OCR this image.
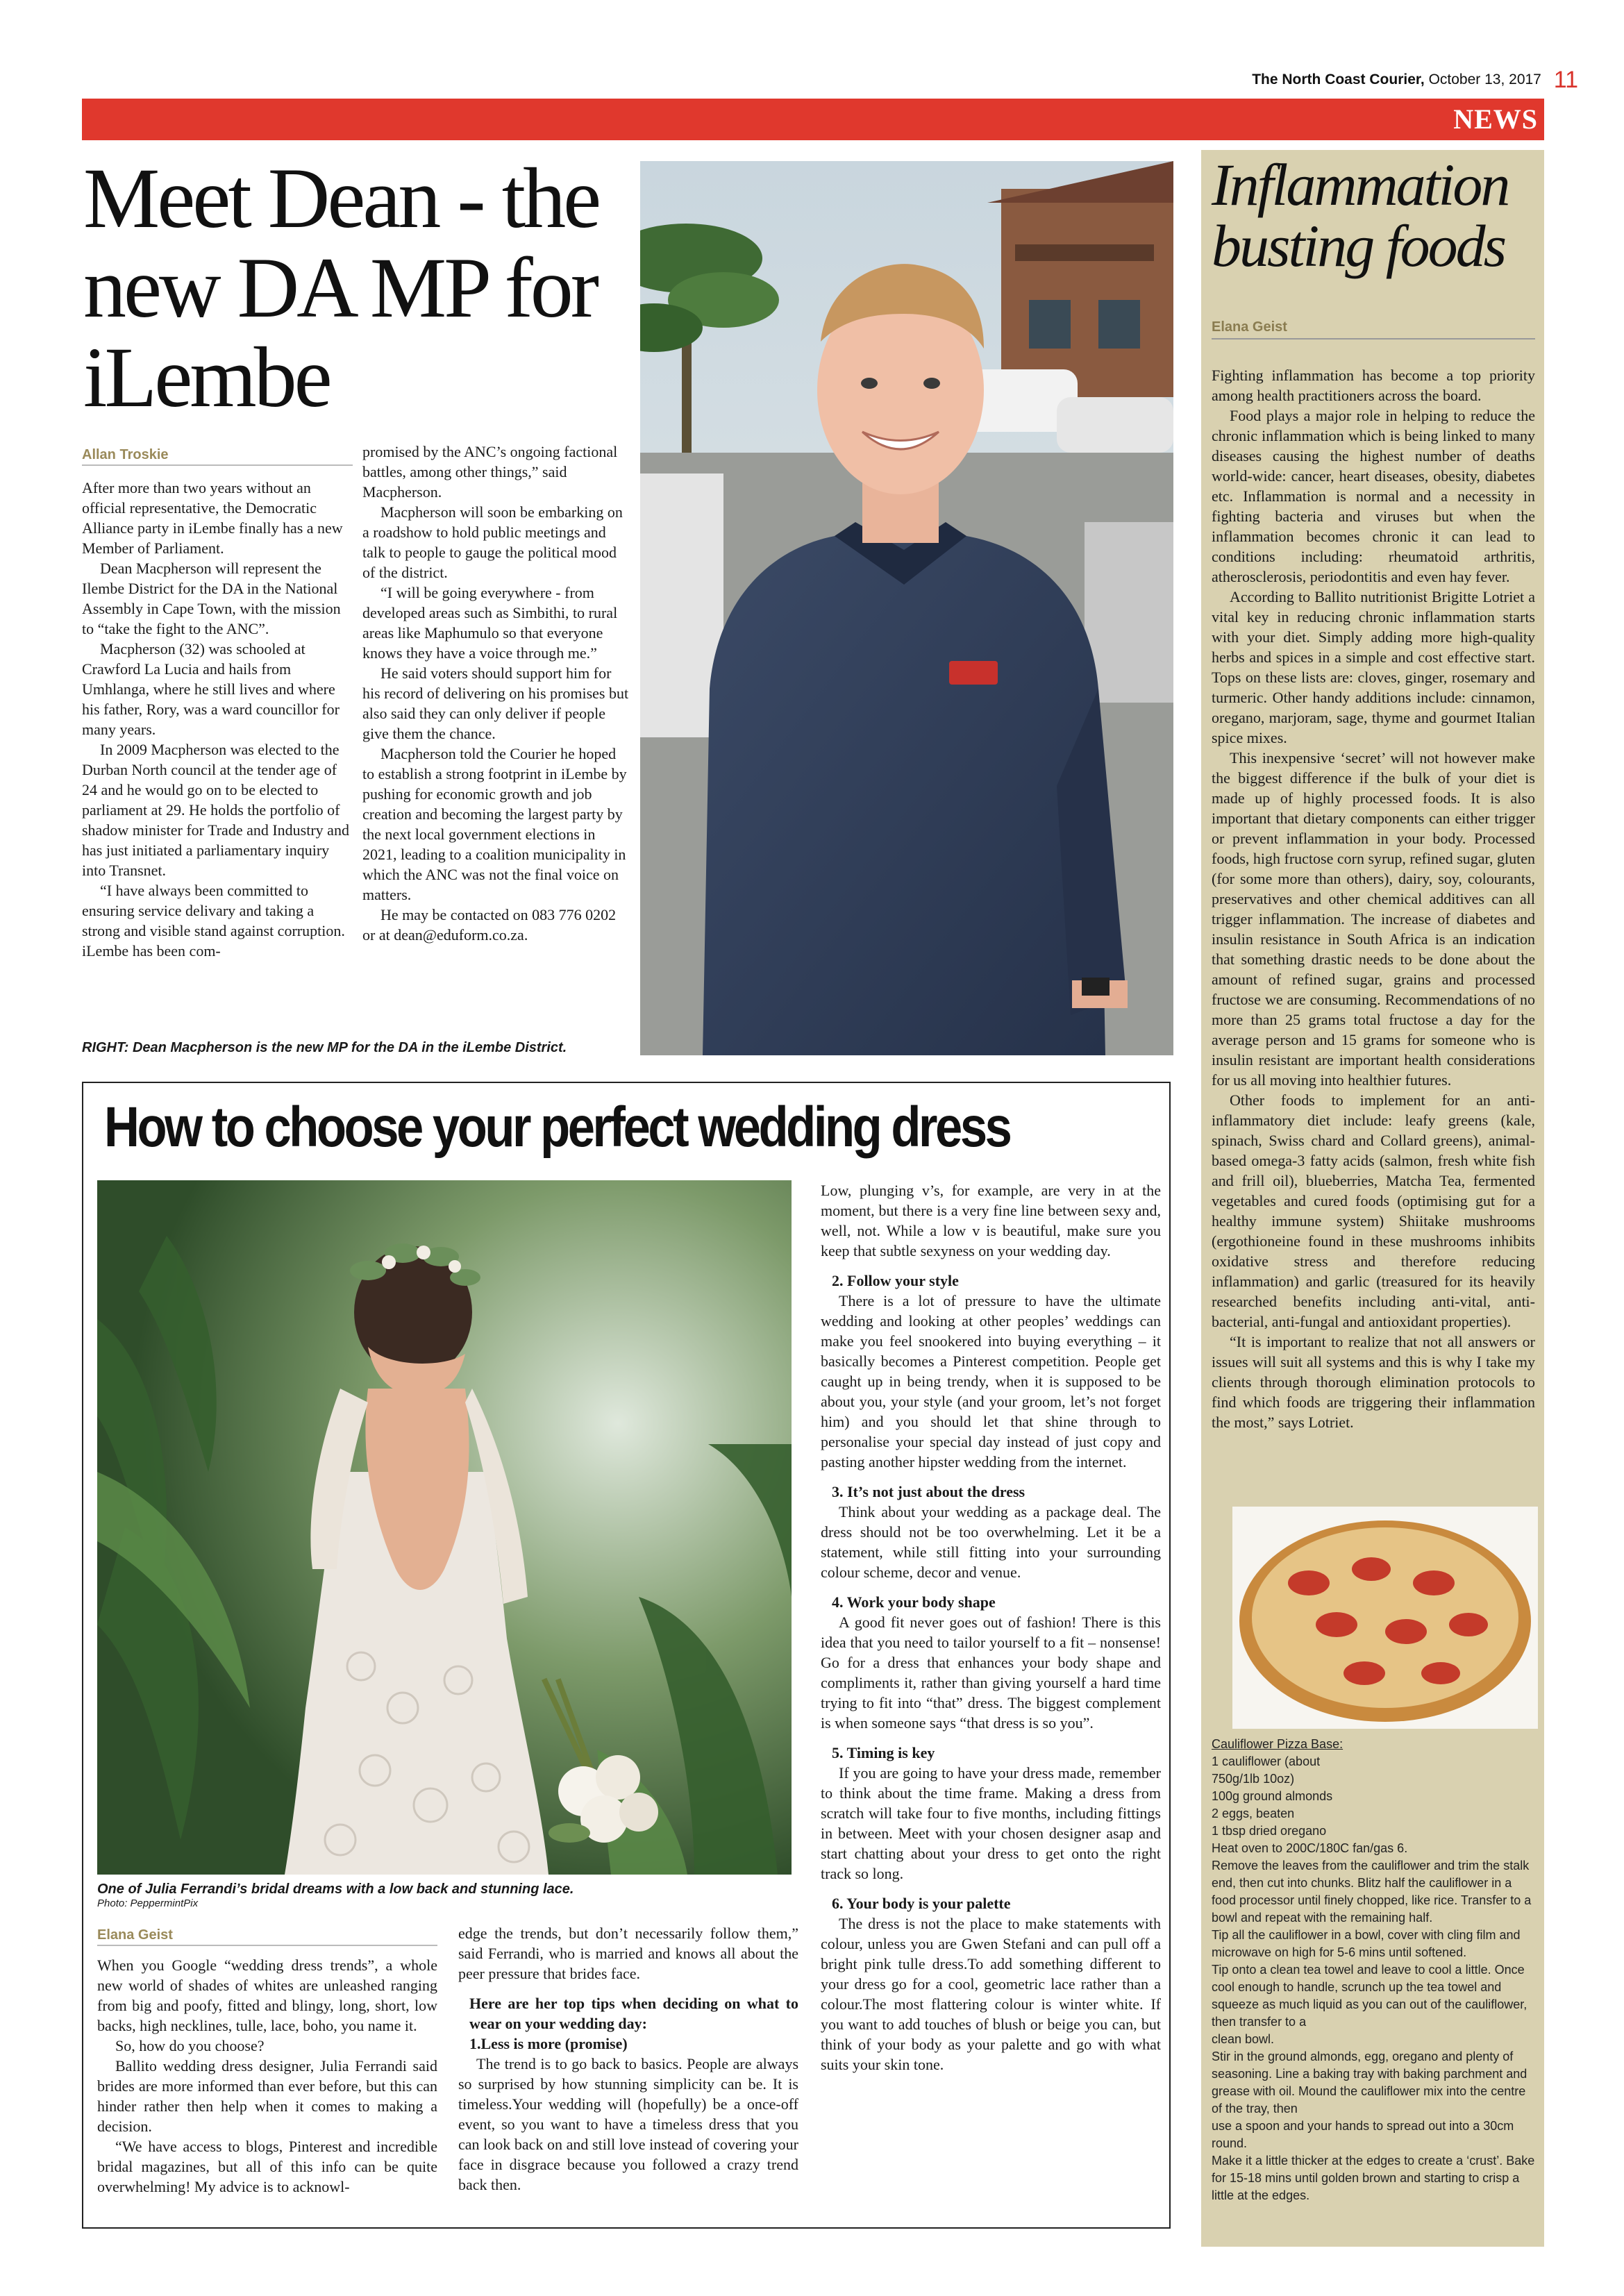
The North Coast Courier, October 13, 2017 11
NEWS
Meet Dean - the new DA MP for iLembe
Allan Troskie

After more than two years without an official representative, the Democratic Alliance party in iLembe finally has a new Member of Parliament.

Dean Macpherson will represent the Ilembe District for the DA in the National Assembly in Cape Town, with the mission to “take the fight to the ANC”.

Macpherson (32) was schooled at Crawford La Lucia and hails from Umhlanga, where he still lives and where his father, Rory, was a ward councillor for many years.

In 2009 Macpherson was elected to the Durban North council at the tender age of 24 and he would go on to be elected to parliament at 29. He holds the portfolio of shadow minister for Trade and Industry and has just initiated a parliamentary inquiry into Transnet.

“I have always been committed to ensuring service delivary and taking a strong and visible stand against corruption. iLembe has been com-

promised by the ANC’s ongoing factional battles, among other things,” said Macpherson.

Macpherson will soon be embarking on a roadshow to hold public meetings and talk to people to gauge the political mood of the district.

“I will be going everywhere - from developed areas such as Simbithi, to rural areas like Maphumulo so that everyone knows they have a voice through me.”

He said voters should support him for his record of delivering on his promises but also said they can only deliver if people give them the chance.

Macpherson told the Courier he hoped to establish a strong footprint in iLembe by pushing for economic growth and job creation and becoming the largest party by the next local government elections in 2021, leading to a coalition municipality in which the ANC was not the final voice on matters.

He may be contacted on 083 776 0202 or at dean@eduform.co.za.

RIGHT: Dean Macpherson is the new MP for the DA in the iLembe District.
Inflammation
busting foods
Elana Geist

Fighting inflammation has become a top priority among health practitioners across the board.

Food plays a major role in helping to reduce the chronic inflammation which is being linked to many diseases causing the highest number of deaths world-wide: cancer, heart diseases, obesity, diabetes etc. Inflammation is normal and a necessity in fighting bacteria and viruses but when the inflammation becomes chronic it can lead to conditions including: rheumatoid arthritis, atherosclerosis, periodontitis and even hay fever.

According to Ballito nutritionist Brigitte Lotriet a vital key in reducing chronic inflammation starts with your diet. Simply adding more high-quality herbs and spices in a simple and cost effective start. Tops on these lists are: cloves, ginger, rosemary and turmeric. Other handy additions include: cinnamon, oregano, marjoram, sage, thyme and gourmet Italian spice mixes.

This inexpensive ‘secret’ will not however make the biggest difference if the bulk of your diet is made up of highly processed foods. It is also important that dietary components can either trigger or prevent inflammation in your body. Processed foods, high fructose corn syrup, refined sugar, gluten (for some more than others), dairy, soy, colourants, preservatives and other chemical additives can all trigger inflammation. The increase of diabetes and insulin resistance in South Africa is an indication that something drastic needs to be done about the amount of refined sugar, grains and processed fructose we are consuming. Recommendations of no more than 25 grams total fructose a day for the average person and 15 grams for someone who is insulin resistant are important health considerations for us all moving into healthier futures.

Other foods to implement for an anti-inflammatory diet include: leafy greens (kale, spinach, Swiss chard and Collard greens), animal-based omega-3 fatty acids (salmon, fresh white fish and frill oil), blueberries, Matcha Tea, fermented vegetables and cured foods (optimising gut for a healthy immune system) Shiitake mushrooms (ergothioneine found in these mushrooms inhibits oxidative stress and therefore reducing inflammation) and garlic (treasured for its heavily researched benefits including anti-vital, anti-bacterial, anti-fungal and antioxidant properties).

“It is important to realize that not all answers or issues will suit all systems and this is why I take my clients through thorough elimination protocols to find which foods are triggering their inflammation the most,” says Lotriet.

Cauliflower Pizza Base:
1 cauliflower (about
750g/1lb 10oz)
100g ground almonds
2 eggs, beaten
1 tbsp dried oregano
Heat oven to 200C/180C fan/gas 6.
Remove the leaves from the cauliflower and trim the stalk end, then cut into chunks. Blitz half the cauliflower in a food processor until finely chopped, like rice. Transfer to a bowl and repeat with the remaining half.
Tip all the cauliflower in a bowl, cover with cling film and microwave on high for 5-6 mins until softened.
Tip onto a clean tea towel and leave to cool a little. Once cool enough to handle, scrunch up the tea towel and squeeze as much liquid as you can out of the cauliflower, then transfer to a
clean bowl.
Stir in the ground almonds, egg, oregano and plenty of seasoning. Line a baking tray with baking parchment and grease with oil. Mound the cauliflower mix into the centre of the tray, then
use a spoon and your hands to spread out into a 30cm round.
Make it a little thicker at the edges to create a ‘crust’. Bake for 15-18 mins until golden brown and starting to crisp a little at the edges.
How to choose your perfect wedding dress
One of Julia Ferrandi’s bridal dreams with a low back and stunning lace.
Photo: PeppermintPix
Elana Geist

When you Google “wedding dress trends”, a whole new world of shades of whites are unleashed ranging from big and poofy, fitted and blingy, long, short, low backs, high necklines, tulle, lace, boho, you name it.

So, how do you choose?

Ballito wedding dress designer, Julia Ferrandi said brides are more informed than ever before, but this can hinder rather then help when it comes to making a decision.

“We have access to blogs, Pinterest and incredible bridal magazines, but all of this info can be quite overwhelming! My advice is to acknowl-

edge the trends, but don’t necessarily follow them,” said Ferrandi, who is married and knows all about the peer pressure that brides face.

Here are her top tips when deciding on what to wear on your wedding day:

1.Less is more (promise)

The trend is to go back to basics. People are always so surprised by how stunning simplicity can be. It is timeless.Your wedding will (hopefully) be a once-off event, so you want to have a timeless dress that you can look back on and still love instead of covering your face in disgrace because you followed a crazy trend back then.

Low, plunging v’s, for example, are very in at the moment, but there is a very fine line between sexy and, well, not. While a low v is beautiful, make sure you keep that subtle sexyness on your wedding day.

2. Follow your style

There is a lot of pressure to have the ultimate wedding and looking at other peoples’ weddings can make you feel snookered into buying everything – it basically becomes a Pinterest competition. People get caught up in being trendy, when it is supposed to be about you, your style (and your groom, let’s not forget him) and you should let that shine through to personalise your special day instead of just copy and pasting another hipster wedding from the internet.

3. It’s not just about the dress

Think about your wedding as a package deal. The dress should not be too overwhelming. Let it be a statement, while still fitting into your surrounding colour scheme, decor and venue.

4. Work your body shape

A good fit never goes out of fashion! There is this idea that you need to tailor yourself to a fit – nonsense! Go for a dress that enhances your body shape and compliments it, rather than giving yourself a hard time trying to fit into “that” dress. The biggest complement is when someone says “that dress is so you”.

5. Timing is key

If you are going to have your dress made, remember to think about the time frame. Making a dress from scratch will take four to five months, including fittings in between. Meet with your chosen designer asap and start chatting about your dress to get onto the right track so long.

6. Your body is your palette

The dress is not the place to make statements with colour, unless you are Gwen Stefani and can pull off a bright pink tulle dress.To add something different to your dress go for a cool, geometric lace rather than a colour.The most flattering colour is winter white. If you want to add touches of blush or beige you can, but think of your body as your palette and go with what suits your skin tone.
